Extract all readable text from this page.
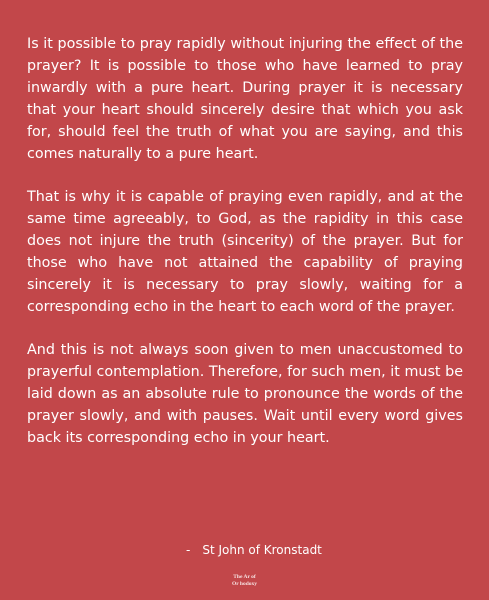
Is it possible to pray rapidly without injuring the effect of the prayer? It is possible to those who have learned to pray inwardly with a pure heart. During prayer it is necessary that your heart should sincerely desire that which you ask for, should feel the truth of what you are saying, and this comes naturally to a pure heart.

That is why it is capable of praying even rapidly, and at the same time agreeably, to God, as the rapidity in this case does not injure the truth (sincerity) of the prayer. But for those who have not attained the capability of praying sincerely it is necessary to pray slowly, waiting for a corresponding echo in the heart to each word of the prayer.

And this is not always soon given to men unaccustomed to prayerful contemplation. Therefore, for such men, it must be laid down as an absolute rule to pronounce the words of the prayer slowly, and with pauses. Wait until every word gives back its corresponding echo in your heart.

- St John of Kronstadt
The Ar of
Or hodoxy
